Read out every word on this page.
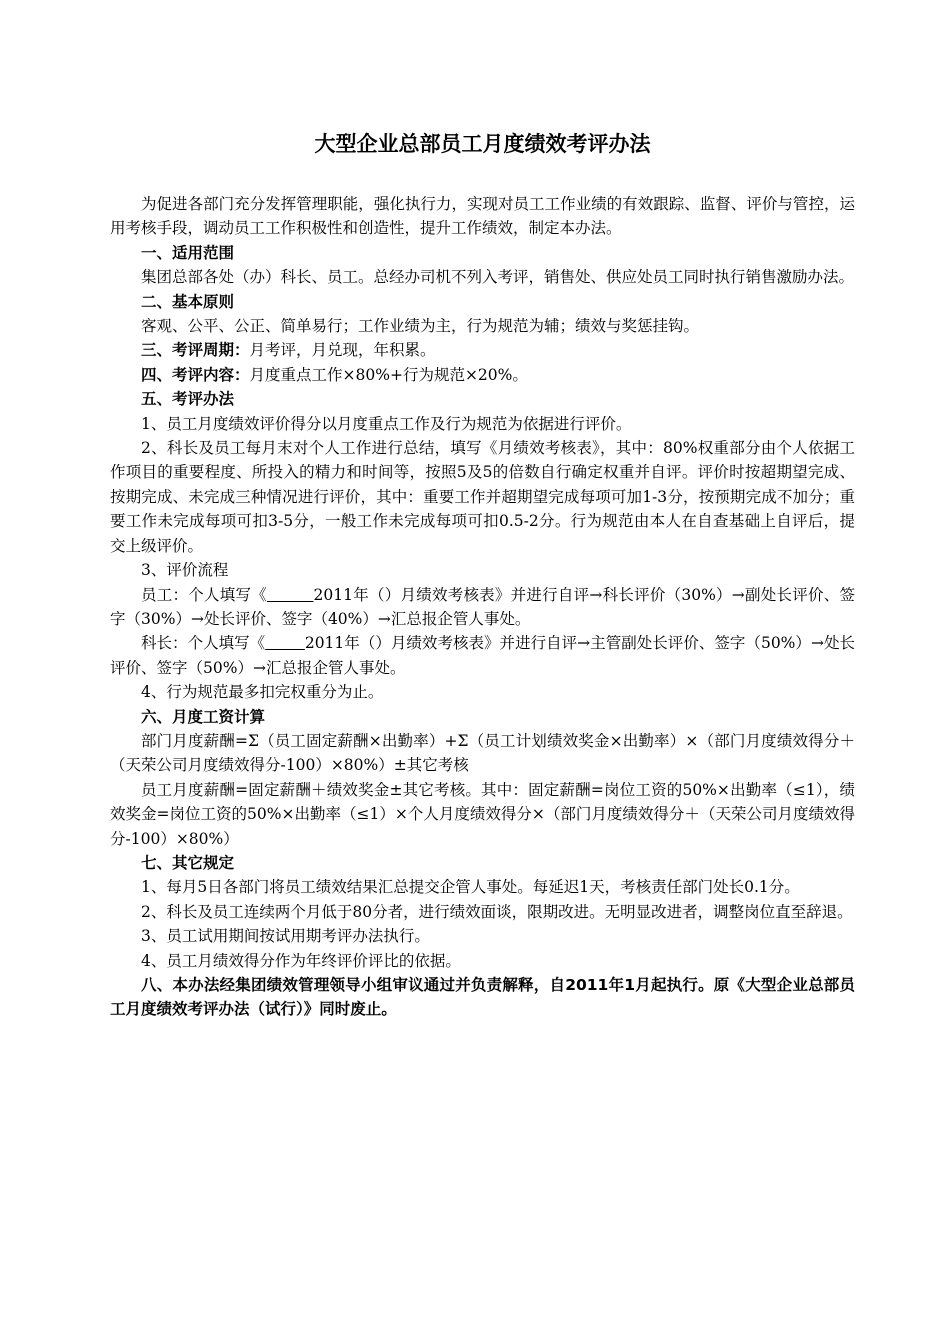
大型企业总部员工月度绩效考评办法

为促进各部门充分发挥管理职能，强化执行力，实现对员工工作业绩的有效跟踪、监督、评价与管控，运用考核手段，调动员工工作积极性和创造性，提升工作绩效，制定本办法。

一、适用范围

集团总部各处（办）科长、员工。总经办司机不列入考评，销售处、供应处员工同时执行销售激励办法。

二、基本原则

客观、公平、公正、简单易行；工作业绩为主，行为规范为辅；绩效与奖惩挂钩。

三、考评周期：月考评，月兑现，年积累。

四、考评内容：月度重点工作×80%+行为规范×20%。

五、考评办法

1、员工月度绩效评价得分以月度重点工作及行为规范为依据进行评价。

2、科长及员工每月末对个人工作进行总结，填写《月绩效考核表》，其中：80%权重部分由个人依据工作项目的重要程度、所投入的精力和时间等，按照5及5的倍数自行确定权重并自评。评价时按超期望完成、按期完成、未完成三种情况进行评价，其中：重要工作并超期望完成每项可加1-3分，按预期完成不加分；重要工作未完成每项可扣3-5分，一般工作未完成每项可扣0.5-2分。行为规范由本人在自查基础上自评后，提交上级评价。

3、评价流程

员工：个人填写《	2011年（）月绩效考核表》并进行自评→科长评价（30%）→副处长评价、签字（30%）→处长评价、签字（40%）→汇总报企管人事处。

科长：个人填写《	2011年（）月绩效考核表》并进行自评→主管副处长评价、签字（50%）→处长评价、签字（50%）→汇总报企管人事处。

4、行为规范最多扣完权重分为止。

六、月度工资计算

部门月度薪酬=Σ（员工固定薪酬×出勤率）+Σ（员工计划绩效奖金×出勤率）×（部门月度绩效得分＋（天荣公司月度绩效得分-100）×80%）±其它考核

员工月度薪酬=固定薪酬＋绩效奖金±其它考核。其中：固定薪酬=岗位工资的50%×出勤率（≤1），绩效奖金=岗位工资的50%×出勤率（≤1）×个人月度绩效得分×（部门月度绩效得分＋（天荣公司月度绩效得分-100）×80%）

七、其它规定

1、每月5日各部门将员工绩效结果汇总提交企管人事处。每延迟1天，考核责任部门处长0.1分。

2、科长及员工连续两个月低于80分者，进行绩效面谈，限期改进。无明显改进者，调整岗位直至辞退。

3、员工试用期间按试用期考评办法执行。

4、员工月绩效得分作为年终评价评比的依据。

八、本办法经集团绩效管理领导小组审议通过并负责解释，自2011年1月起执行。原《大型企业总部员工月度绩效考评办法（试行）》同时废止。
